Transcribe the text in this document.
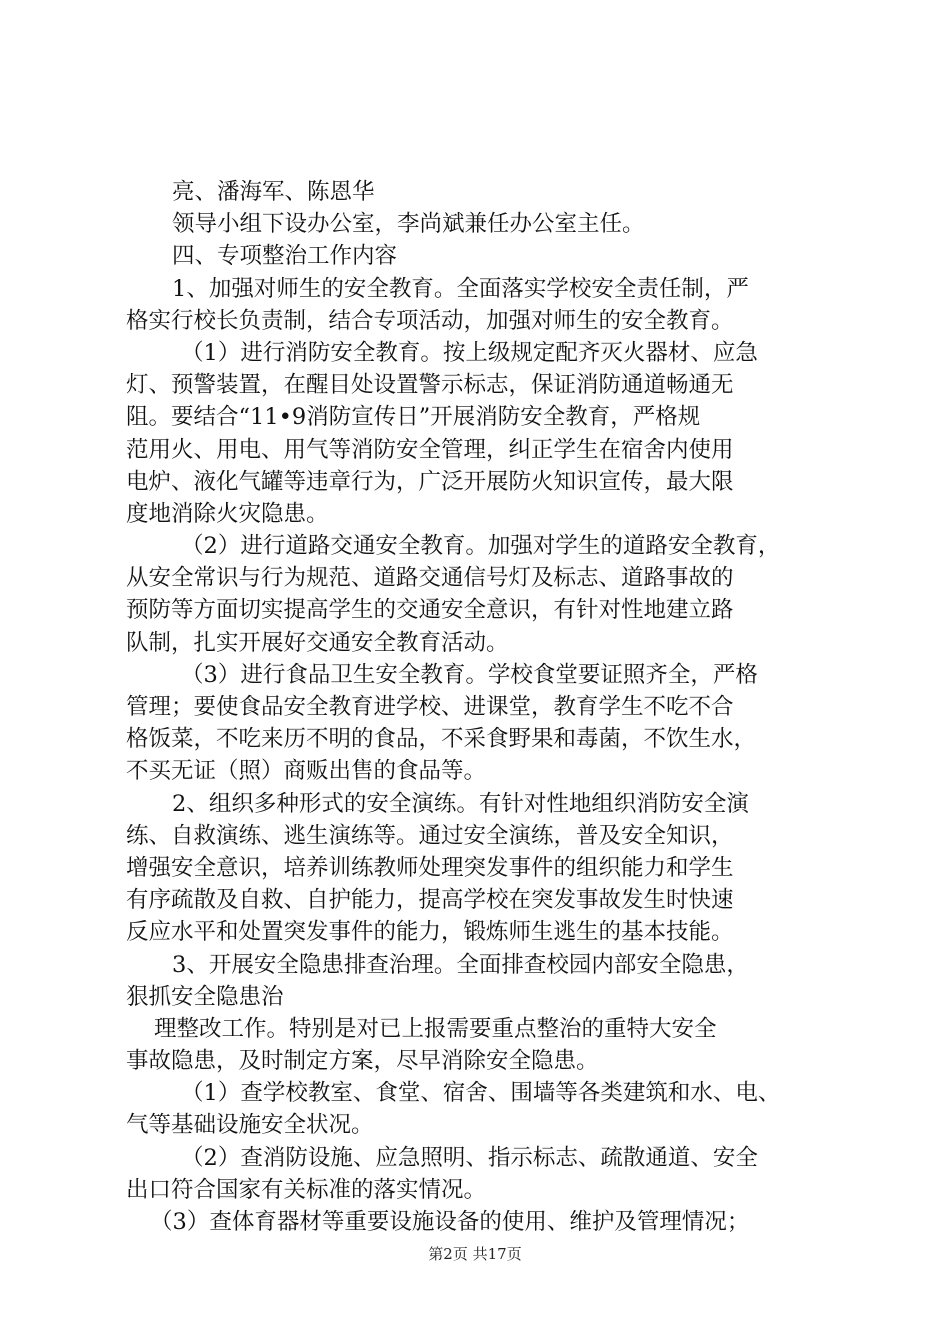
亮、潘海军、陈恩华
领导小组下设办公室，李尚斌兼任办公室主任。
四、专项整治工作内容
1、加强对师生的安全教育。全面落实学校安全责任制，严
格实行校长负责制，结合专项活动，加强对师生的安全教育。
（1）进行消防安全教育。按上级规定配齐灭火器材、应急
灯、预警装置，在醒目处设置警示标志，保证消防通道畅通无
阻。要结合“11•9消防宣传日”开展消防安全教育，严格规
范用火、用电、用气等消防安全管理，纠正学生在宿舍内使用
电炉、液化气罐等违章行为，广泛开展防火知识宣传，最大限
度地消除火灾隐患。
（2）进行道路交通安全教育。加强对学生的道路安全教育，
从安全常识与行为规范、道路交通信号灯及标志、道路事故的
预防等方面切实提高学生的交通安全意识，有针对性地建立路
队制，扎实开展好交通安全教育活动。
（3）进行食品卫生安全教育。学校食堂要证照齐全，严格
管理；要使食品安全教育进学校、进课堂，教育学生不吃不合
格饭菜，不吃来历不明的食品，不采食野果和毒菌，不饮生水，
不买无证（照）商贩出售的食品等。
2、组织多种形式的安全演练。有针对性地组织消防安全演
练、自救演练、逃生演练等。通过安全演练，普及安全知识，
增强安全意识，培养训练教师处理突发事件的组织能力和学生
有序疏散及自救、自护能力，提高学校在突发事故发生时快速
反应水平和处置突发事件的能力，锻炼师生逃生的基本技能。
3、开展安全隐患排查治理。全面排查校园内部安全隐患，
狠抓安全隐患治
理整改工作。特别是对已上报需要重点整治的重特大安全
事故隐患，及时制定方案，尽早消除安全隐患。
（1）查学校教室、食堂、宿舍、围墙等各类建筑和水、电、
气等基础设施安全状况。
（2）查消防设施、应急照明、指示标志、疏散通道、安全
出口符合国家有关标准的落实情况。
（3）查体育器材等重要设施设备的使用、维护及管理情况；
第2页 共17页
